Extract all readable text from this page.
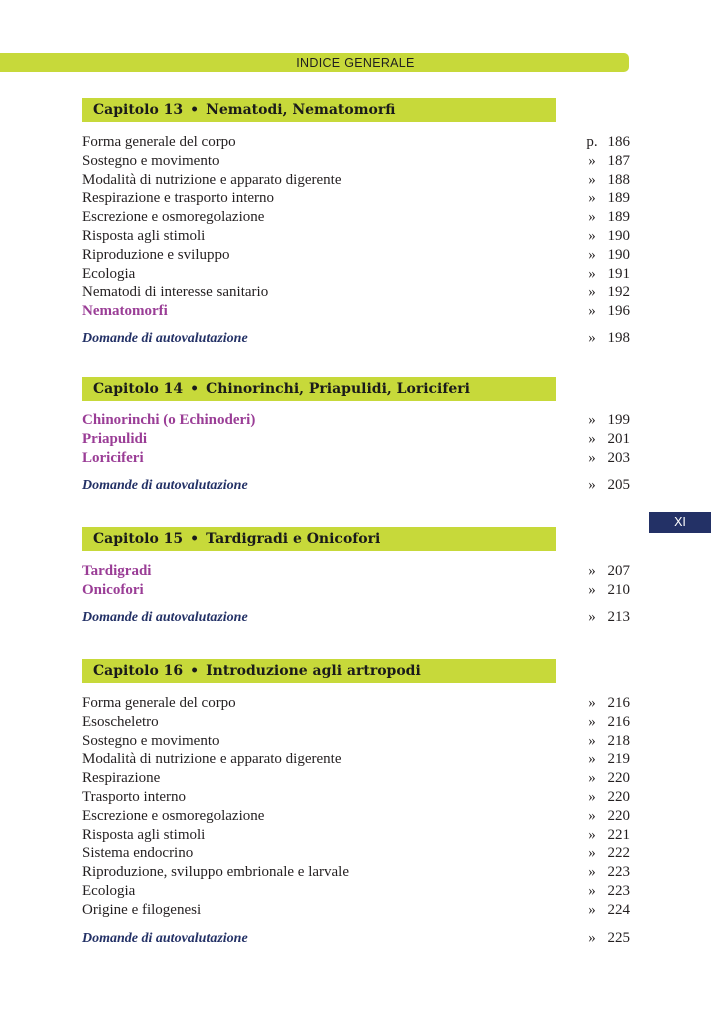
INDICE GENERALE
XI
Capitolo 13 • Nematodi, Nematomorfi
Forma generale del corpo	p. 186
Sostegno e movimento	» 187
Modalità di nutrizione e apparato digerente	» 188
Respirazione e trasporto interno	» 189
Escrezione e osmoregolazione	» 189
Risposta agli stimoli	» 190
Riproduzione e sviluppo	» 190
Ecologia	» 191
Nematodi di interesse sanitario	» 192
Nematomorfi	» 196
Domande di autovalutazione	» 198
Capitolo 14 • Chinorinchi, Priapulidi, Loriciferi
Chinorinchi (o Echinoderi)	» 199
Priapulidi	» 201
Loriciferi	» 203
Domande di autovalutazione	» 205
Capitolo 15 • Tardigradi e Onicofori
Tardigradi	» 207
Onicofori	» 210
Domande di autovalutazione	» 213
Capitolo 16 • Introduzione agli artropodi
Forma generale del corpo	» 216
Esoscheletro	» 216
Sostegno e movimento	» 218
Modalità di nutrizione e apparato digerente	» 219
Respirazione	» 220
Trasporto interno	» 220
Escrezione e osmoregolazione	» 220
Risposta agli stimoli	» 221
Sistema endocrino	» 222
Riproduzione, sviluppo embrionale e larvale	» 223
Ecologia	» 223
Origine e filogenesi	» 224
Domande di autovalutazione	» 225
